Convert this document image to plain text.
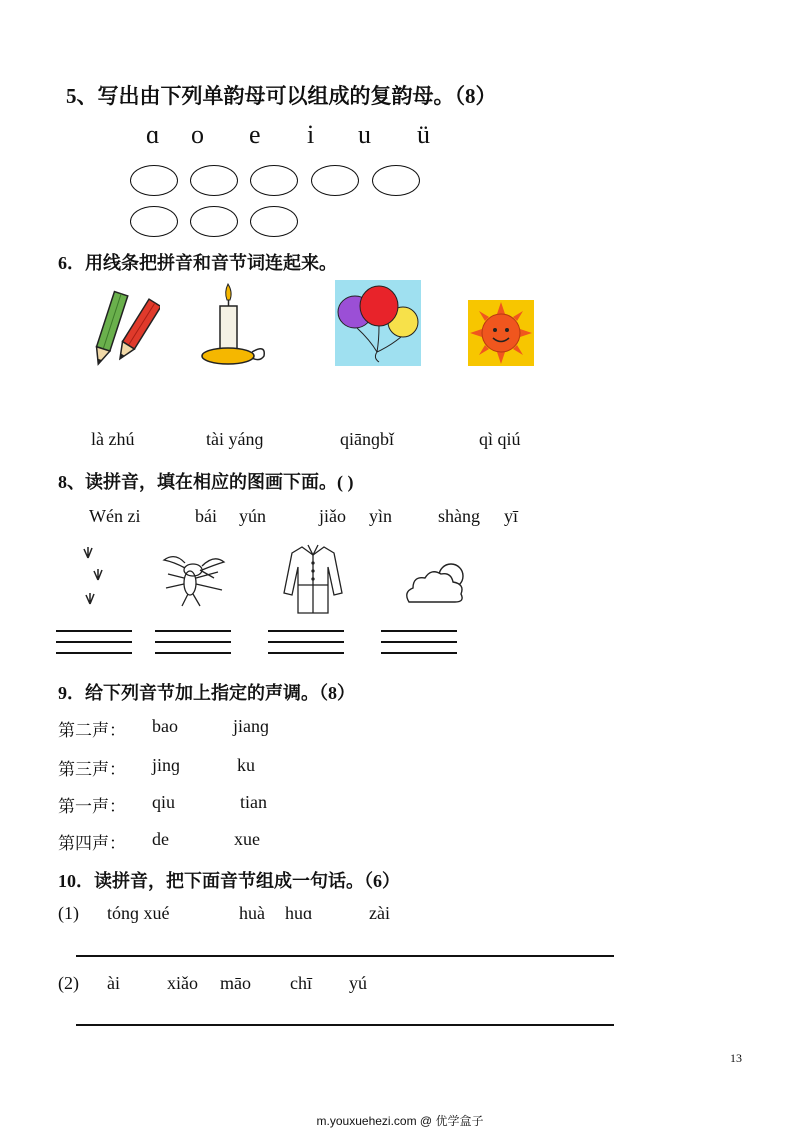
5、写出由下列单韵母可以组成的复韵母。（8）
ɑ o e i u ü
6．用线条把拼音和音节词连起来。
là zhú	tài yánɡ	qiānɡbǐ	qì qiú
8、读拼音，填在相应的图画下面。( )
Wén zi	bái yún	jiǎo yìn	shàng yī
9．给下列音节加上指定的声调。（8）
第二声： bao	jianɡ
第三声： jinɡ	ku
第一声： qiu	tian
第四声： de	xue
10．读拼音，把下面音节组成一句话。（6）
(1) tónɡ xué	huà huɑ	zài
(2) ài	xiǎo māo chī yú
13
m.youxuehezi.com @ 优学盒子
